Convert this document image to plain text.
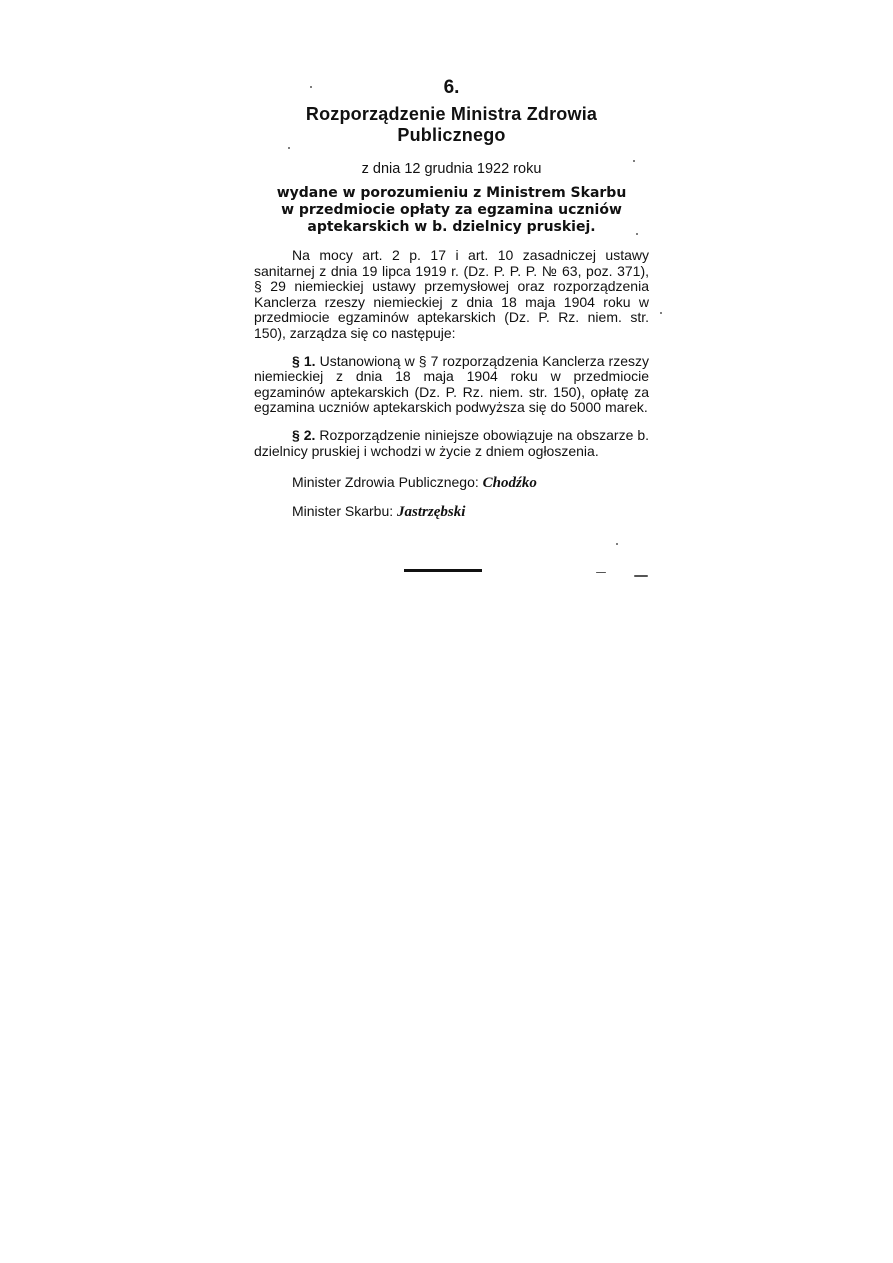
6.
Rozporządzenie Ministra Zdrowia
Publicznego
z dnia 12 grudnia 1922 roku
wydane w porozumieniu z Ministrem Skarbu
w przedmiocie opłaty za egzamina uczniów
aptekarskich w b. dzielnicy pruskiej.
Na mocy art. 2 p. 17 i art. 10 zasadniczej ustawy sanitarnej z dnia 19 lipca 1919 r. (Dz. P. P. P. № 63, poz. 371), § 29 niemieckiej ustawy przemysłowej oraz rozporządzenia Kanclerza rzeszy niemieckiej z dnia 18 maja 1904 roku w przedmiocie egzaminów aptekarskich (Dz. P. Rz. niem. str. 150), zarządza się co następuje:
§ 1. Ustanowioną w § 7 rozporządzenia Kanclerza rzeszy niemieckiej z dnia 18 maja 1904 roku w przedmiocie egzaminów aptekarskich (Dz. P. Rz. niem. str. 150), opłatę za egzamina uczniów aptekarskich podwyższa się do 5000 marek.
§ 2. Rozporządzenie niniejsze obowiązuje na obszarze b. dzielnicy pruskiej i wchodzi w życie z dniem ogłoszenia.
Minister Zdrowia Publicznego: Chodźko
Minister Skarbu: Jastrzębski
